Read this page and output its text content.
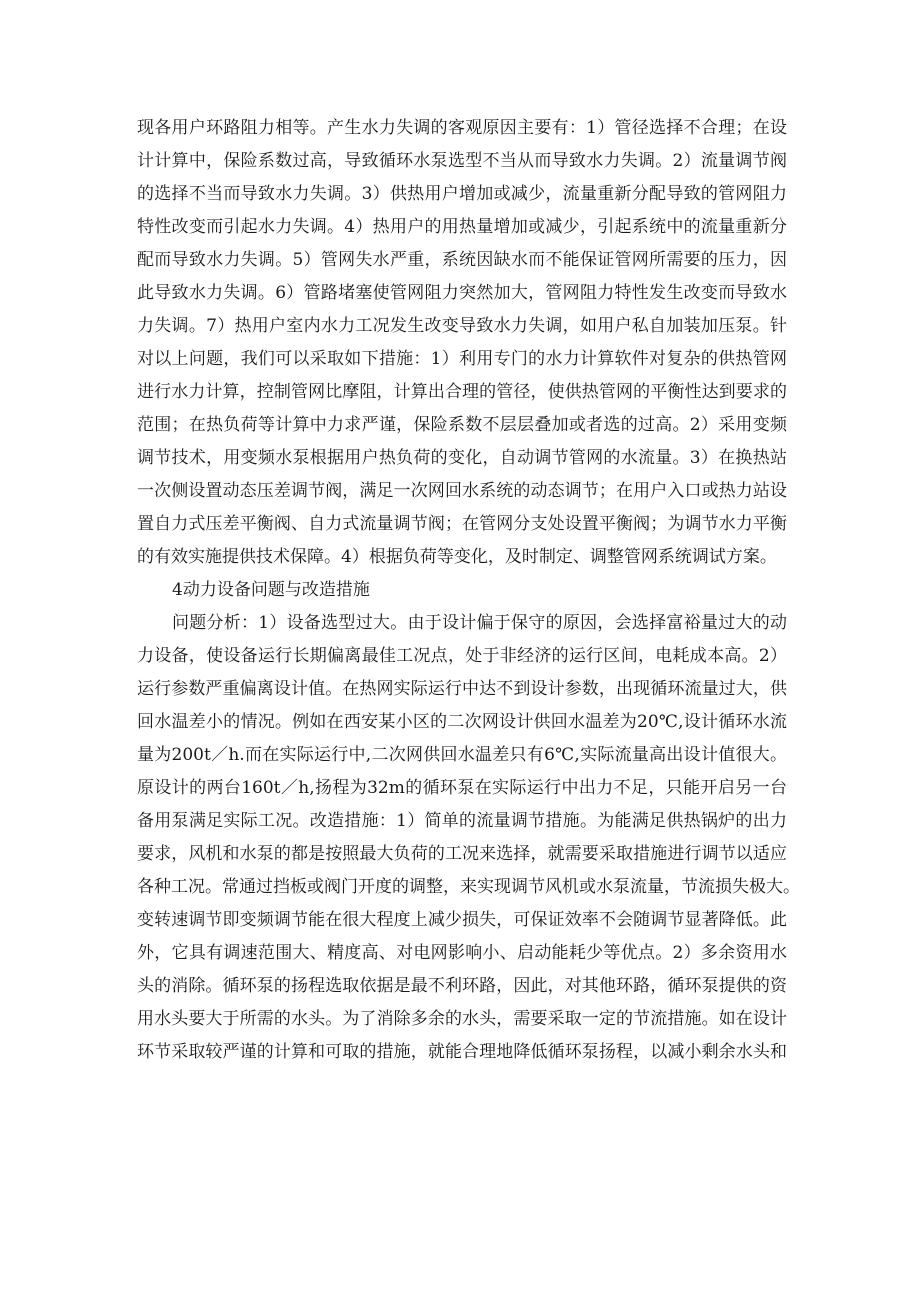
现各用户环路阻力相等。产生水力失调的客观原因主要有：1）管径选择不合理；在设
计计算中，保险系数过高，导致循环水泵选型不当从而导致水力失调。2）流量调节阀
的选择不当而导致水力失调。3）供热用户增加或减少，流量重新分配导致的管网阻力
特性改变而引起水力失调。4）热用户的用热量增加或减少，引起系统中的流量重新分
配而导致水力失调。5）管网失水严重，系统因缺水而不能保证管网所需要的压力，因
此导致水力失调。6）管路堵塞使管网阻力突然加大，管网阻力特性发生改变而导致水
力失调。7）热用户室内水力工况发生改变导致水力失调，如用户私自加装加压泵。针
对以上问题，我们可以采取如下措施：1）利用专门的水力计算软件对复杂的供热管网
进行水力计算，控制管网比摩阻，计算出合理的管径，使供热管网的平衡性达到要求的
范围；在热负荷等计算中力求严谨，保险系数不层层叠加或者选的过高。2）采用变频
调节技术，用变频水泵根据用户热负荷的变化，自动调节管网的水流量。3）在换热站
一次侧设置动态压差调节阀，满足一次网回水系统的动态调节；在用户入口或热力站设
置自力式压差平衡阀、自力式流量调节阀；在管网分支处设置平衡阀；为调节水力平衡
的有效实施提供技术保障。4）根据负荷等变化，及时制定、调整管网系统调试方案。
4动力设备问题与改造措施
问题分析：1）设备选型过大。由于设计偏于保守的原因，会选择富裕量过大的动
力设备，使设备运行长期偏离最佳工况点，处于非经济的运行区间，电耗成本高。2）
运行参数严重偏离设计值。在热网实际运行中达不到设计参数，出现循环流量过大，供
回水温差小的情况。例如在西安某小区的二次网设计供回水温差为20℃,设计循环水流
量为200t／h.而在实际运行中,二次网供回水温差只有6℃,实际流量高出设计值很大。
原设计的两台160t／h,扬程为32m的循环泵在实际运行中出力不足，只能开启另一台
备用泵满足实际工况。改造措施：1）简单的流量调节措施。为能满足供热锅炉的出力
要求，风机和水泵的都是按照最大负荷的工况来选择，就需要采取措施进行调节以适应
各种工况。常通过挡板或阀门开度的调整，来实现调节风机或水泵流量，节流损失极大。
变转速调节即变频调节能在很大程度上减少损失，可保证效率不会随调节显著降低。此
外，它具有调速范围大、精度高、对电网影响小、启动能耗少等优点。2）多余资用水
头的消除。循环泵的扬程选取依据是最不利环路，因此，对其他环路，循环泵提供的资
用水头要大于所需的水头。为了消除多余的水头，需要采取一定的节流措施。如在设计
环节采取较严谨的计算和可取的措施，就能合理地降低循环泵扬程，以减小剩余水头和
